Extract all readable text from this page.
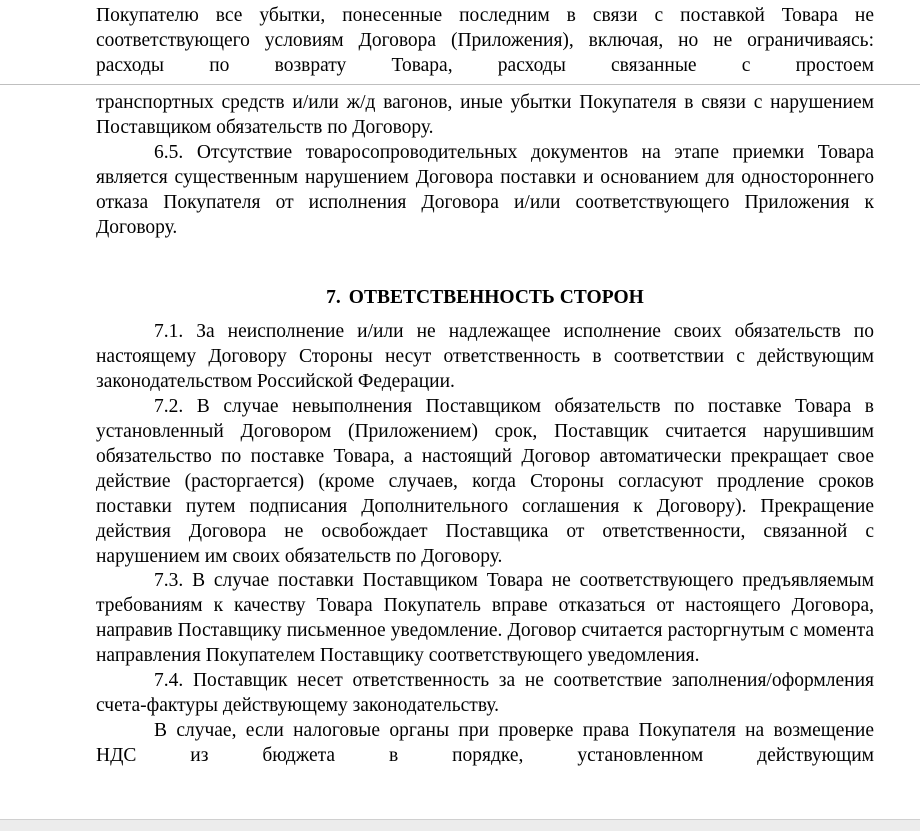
Покупателю все убытки, понесенные последним в связи с поставкой Товара не соответствующего условиям Договора (Приложения), включая, но не ограничиваясь: расходы по возврату Товара, расходы связанные с простоем

транспортных средств и/или ж/д вагонов, иные убытки Покупателя в связи с нарушением Поставщиком обязательств по Договору.

6.5. Отсутствие товаросопроводительных документов на этапе приемки Товара является существенным нарушением Договора поставки и основанием для одностороннего отказа Покупателя от исполнения Договора и/или соответствующего Приложения к Договору.

7. ОТВЕТСТВЕННОСТЬ СТОРОН

7.1. За неисполнение и/или не надлежащее исполнение своих обязательств по настоящему Договору Стороны несут ответственность в соответствии с действующим законодательством Российской Федерации.

7.2. В случае невыполнения Поставщиком обязательств по поставке Товара в установленный Договором (Приложением) срок, Поставщик считается нарушившим обязательство по поставке Товара, а настоящий Договор автоматически прекращает свое действие (расторгается) (кроме случаев, когда Стороны согласуют продление сроков поставки путем подписания Дополнительного соглашения к Договору). Прекращение действия Договора не освобождает Поставщика от ответственности, связанной с нарушением им своих обязательств по Договору.

7.3. В случае поставки Поставщиком Товара не соответствующего предъявляемым требованиям к качеству Товара Покупатель вправе отказаться от настоящего Договора, направив Поставщику письменное уведомление. Договор считается расторгнутым с момента направления Покупателем Поставщику соответствующего уведомления.

7.4. Поставщик несет ответственность за не соответствие заполнения/оформления счета-фактуры действующему законодательству.

В случае, если налоговые органы при проверке права Покупателя на возмещение НДС из бюджета в порядке, установленном действующим
